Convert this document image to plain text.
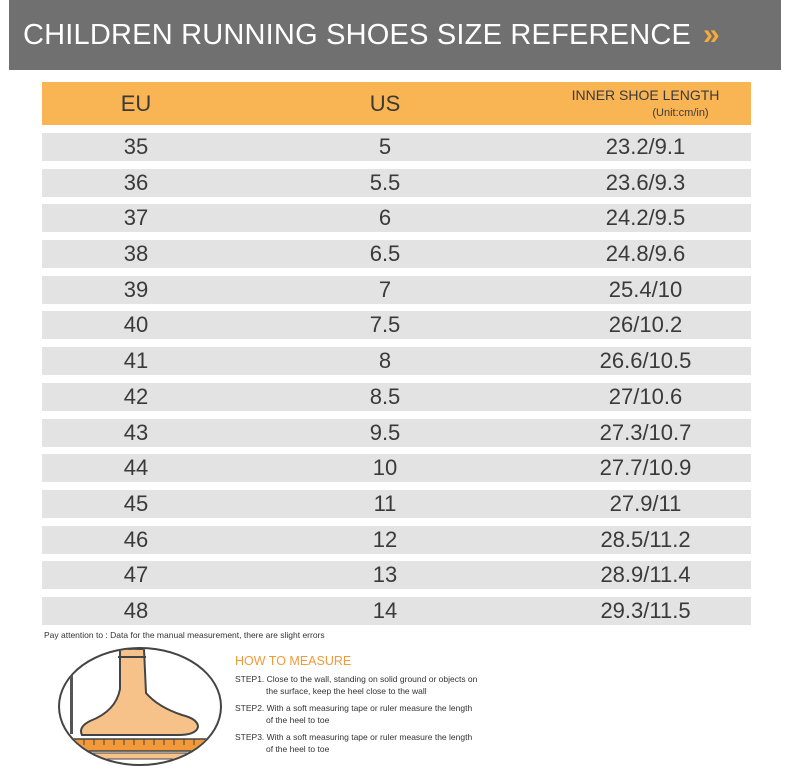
CHILDREN RUNNING SHOES SIZE REFERENCE »
EU	US	INNER SHOE LENGTH
(Unit:cm/in)
35	5	23.2/9.1
36	5.5	23.6/9.3
37	6	24.2/9.5
38	6.5	24.8/9.6
39	7	25.4/10
40	7.5	26/10.2
41	8	26.6/10.5
42	8.5	27/10.6
43	9.5	27.3/10.7
44	10	27.7/10.9
45	11	27.9/11
46	12	28.5/11.2
47	13	28.9/11.4
48	14	29.3/11.5
Pay attention to : Data for the manual measurement, there are slight errors
HOW TO MEASURE
STEP1. Close to the wall, standing on solid ground or objects on
the surface, keep the heel close to the wall
STEP2. With a soft measuring tape or ruler measure the length
of the heel to toe
STEP3. With a soft measuring tape or ruler measure the length
of the heel to toe
